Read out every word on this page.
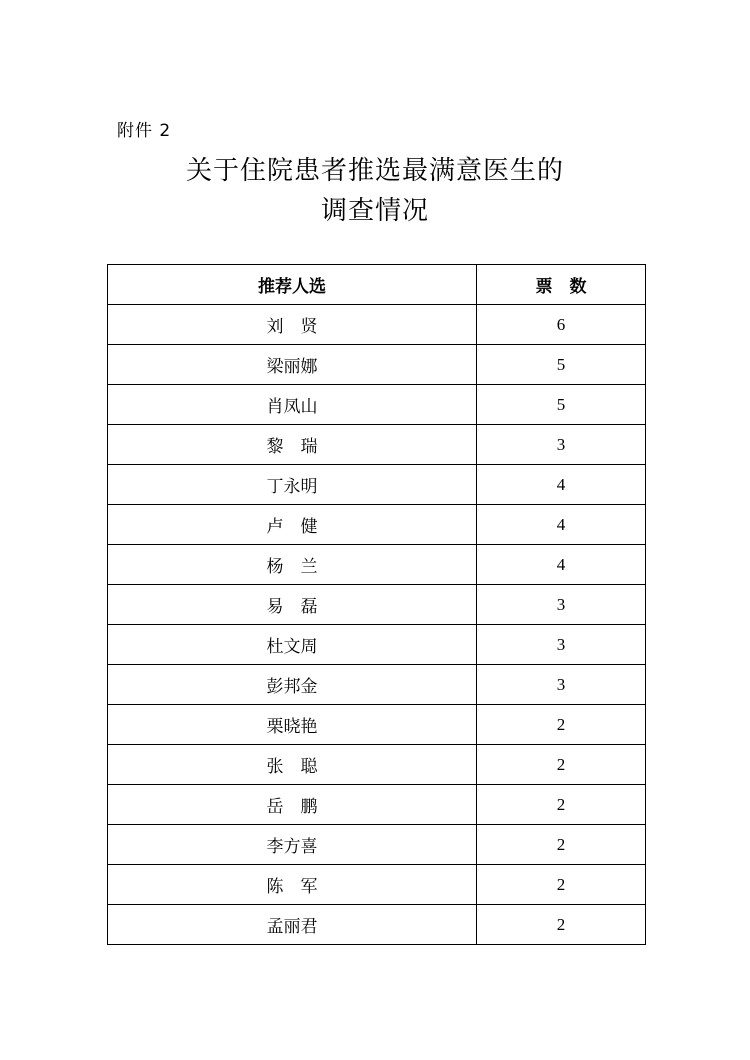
附件 2
关于住院患者推选最满意医生的
调查情况
推荐人选	票　数
刘　贤	6
梁丽娜	5
肖凤山	5
黎　瑞	3
丁永明	4
卢　健	4
杨　兰	4
易　磊	3
杜文周	3
彭邦金	3
栗晓艳	2
张　聪	2
岳　鹏	2
李方喜	2
陈　军	2
孟丽君	2
